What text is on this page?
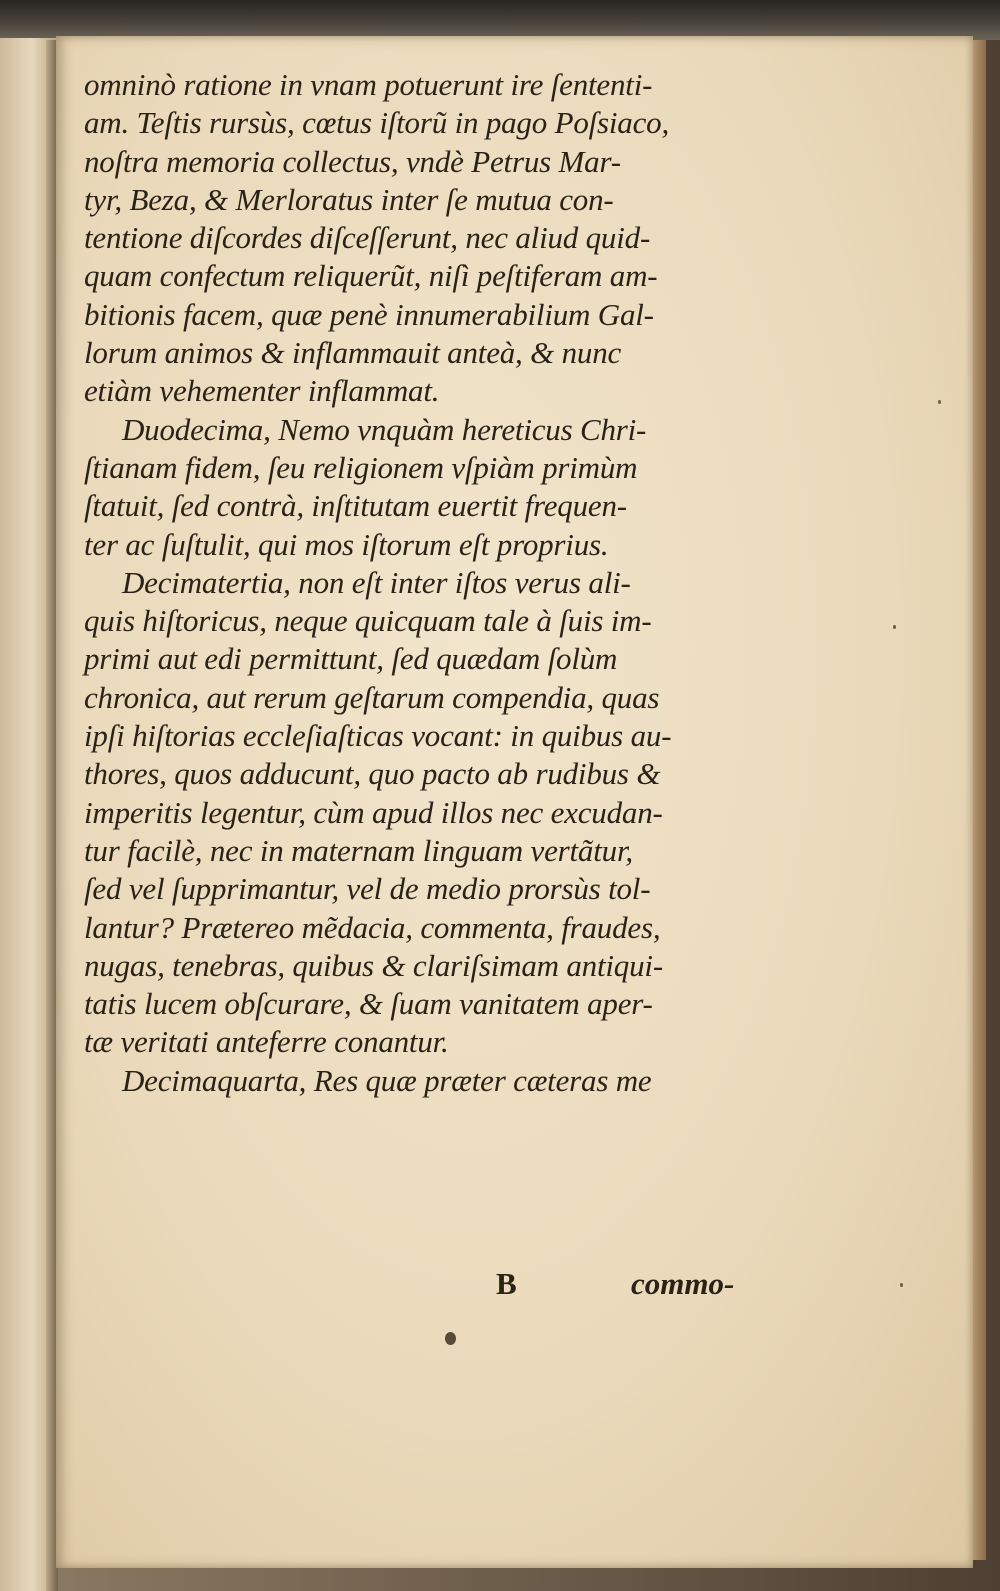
omninò ratione in vnam potuerunt ire ſententi-
am. Teſtis rursùs, cœtus iſtorũ in pago Poſsiaco,
noſtra memoria collectus, vndè Petrus Mar-
tyr, Beza, & Merloratus inter ſe mutua con-
tentione diſcordes diſceſſerunt, nec aliud quid-
quam confectum reliquerũt, niſì peſtiferam am-
bitionis facem, quæ penè innumerabilium Gal-
lorum animos & inflammauit anteà, & nunc
etiàm vehementer inflammat.
Duodecima, Nemo vnquàm hereticus Chri-
ſtianam fidem, ſeu religionem vſpiàm primùm
ſtatuit, ſed contrà, inſtitutam euertit frequen-
ter ac ſuſtulit, qui mos iſtorum eſt proprius.
Decimatertia, non eſt inter iſtos verus ali-
quis hiſtoricus, neque quicquam tale à ſuis im-
primi aut edi permittunt, ſed quædam ſolùm
chronica, aut rerum geſtarum compendia, quas
ipſi hiſtorias eccleſiaſticas vocant: in quibus au-
thores, quos adducunt, quo pacto ab rudibus &
imperitis legentur, cùm apud illos nec excudan-
tur facilè, nec in maternam linguam vertãtur,
ſed vel ſupprimantur, vel de medio prorsùs tol-
lantur? Prætereo mẽdacia, commenta, fraudes,
nugas, tenebras, quibus & clariſsimam antiqui-
tatis lucem obſcurare, & ſuam vanitatem aper-
tæ veritati anteferre conantur.
Decimaquarta, Res quæ præter cæteras me
B	commo-
